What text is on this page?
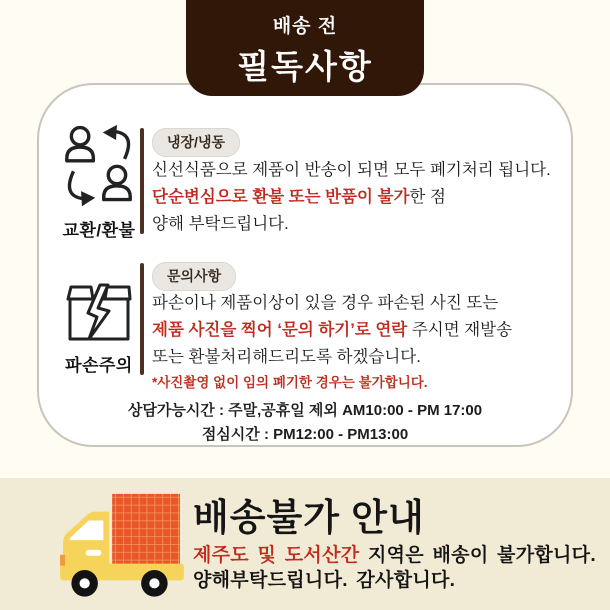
배송 전
필독사항
교환/환불
냉장/냉동
신선식품으로 제품이 반송이 되면 모두 폐기처리 됩니다.
단순변심으로 환불 또는 반품이 불가한 점
양해 부탁드립니다.
파손주의
문의사항
파손이나 제품이상이 있을 경우 파손된 사진 또는
제품 사진을 찍어 ‘문의 하기’로 연락 주시면 재발송
또는 환불처리해드리도록 하겠습니다.
*사진촬영 없이 임의 폐기한 경우는 불가합니다.
상담가능시간 : 주말,공휴일 제외 AM10:00 - PM 17:00
점심시간 : PM12:00 - PM13:00
배송불가 안내
제주도 및 도서산간 지역은 배송이 불가합니다.
양해부탁드립니다. 감사합니다.
